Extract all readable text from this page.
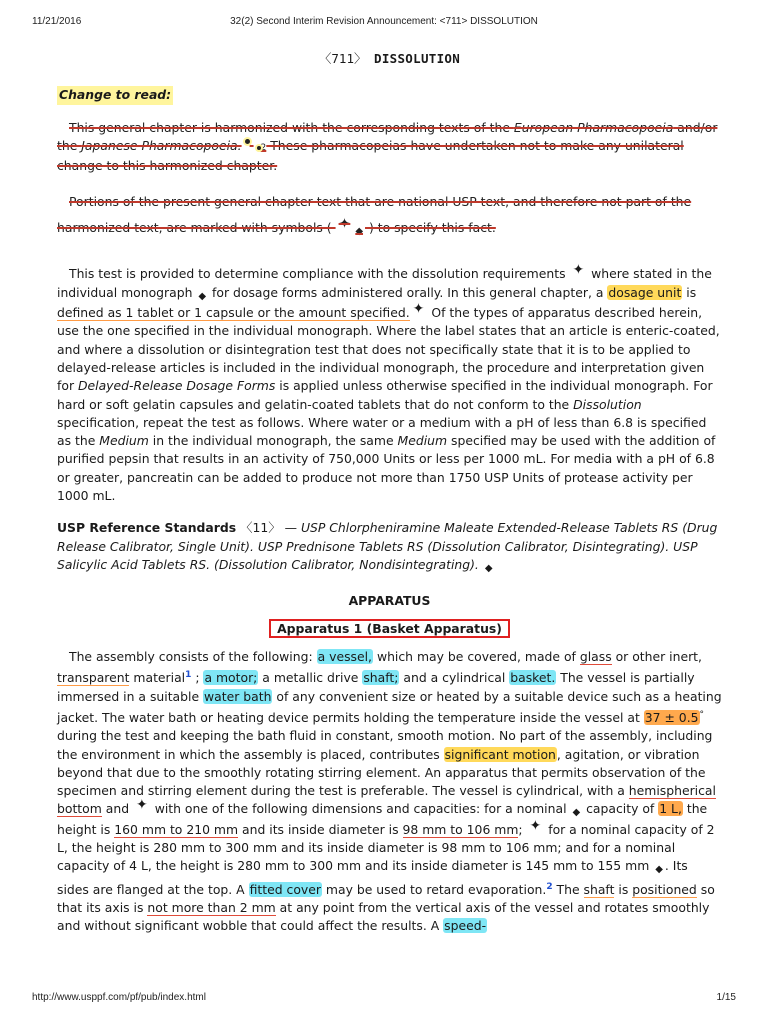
11/21/2016	32(2) Second Interim Revision Announcement: <711> DISSOLUTION
〈711〉 DISSOLUTION
Change to read:

This general chapter is harmonized with the corresponding texts of the European Pharmacopoeia and/or the Japanese Pharmacopoeia. 2 These pharmacopeias have undertaken not to make any unilateral change to this harmonized chapter.

Portions of the present general chapter text that are national USP text, and therefore not part of the harmonized text, are marked with symbols ( ✦ ◆ ) to specify this fact.

This test is provided to determine compliance with the dissolution requirements ✦ where stated in the individual monograph ◆ for dosage forms administered orally. In this general chapter, a dosage unit is defined as 1 tablet or 1 capsule or the amount specified. ✦ Of the types of apparatus described herein, use the one specified in the individual monograph. Where the label states that an article is enteric-coated, and where a dissolution or disintegration test that does not specifically state that it is to be applied to delayed-release articles is included in the individual monograph, the procedure and interpretation given for Delayed-Release Dosage Forms is applied unless otherwise specified in the individual monograph. For hard or soft gelatin capsules and gelatin-coated tablets that do not conform to the Dissolution specification, repeat the test as follows. Where water or a medium with a pH of less than 6.8 is specified as the Medium in the individual monograph, the same Medium specified may be used with the addition of purified pepsin that results in an activity of 750,000 Units or less per 1000 mL. For media with a pH of 6.8 or greater, pancreatin can be added to produce not more than 1750 USP Units of protease activity per 1000 mL.

USP Reference Standards 〈11〉 — USP Chlorpheniramine Maleate Extended-Release Tablets RS (Drug Release Calibrator, Single Unit). USP Prednisone Tablets RS (Dissolution Calibrator, Disintegrating). USP Salicylic Acid Tablets RS. (Dissolution Calibrator, Nondisintegrating). ◆

APPARATUS
Apparatus 1 (Basket Apparatus)

The assembly consists of the following: a vessel, which may be covered, made of glass or other inert, transparent material$^1$ ; a motor; a metallic drive shaft; and a cylindrical basket. The vessel is partially immersed in a suitable water bath of any convenient size or heated by a suitable device such as a heating jacket. The water bath or heating device permits holding the temperature inside the vessel at 37 ± 0.5° during the test and keeping the bath fluid in constant, smooth motion. No part of the assembly, including the environment in which the assembly is placed, contributes significant motion, agitation, or vibration beyond that due to the smoothly rotating stirring element. An apparatus that permits observation of the specimen and stirring element during the test is preferable. The vessel is cylindrical, with a hemispherical bottom and ✦ with one of the following dimensions and capacities: for a nominal ◆ capacity of 1 L, the height is 160 mm to 210 mm and its inside diameter is 98 mm to 106 mm; ✦ for a nominal capacity of 2 L, the height is 280 mm to 300 mm and its inside diameter is 98 mm to 106 mm; and for a nominal capacity of 4 L, the height is 280 mm to 300 mm and its inside diameter is 145 mm to 155 mm ◆ . Its sides are flanged at the top. A fitted cover may be used to retard evaporation.$^2$ The shaft is positioned so that its axis is not more than 2 mm at any point from the vertical axis of the vessel and rotates smoothly and without significant wobble that could affect the results. A speed-

http://www.usppf.com/pf/pub/index.html	1/15
